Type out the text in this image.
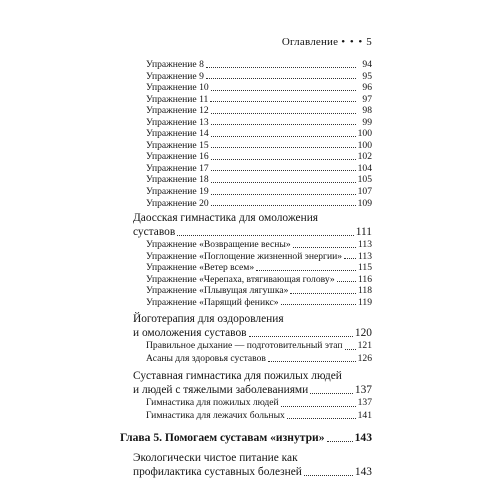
Оглавление • • • 5
Упражнение 8	94
Упражнение 9	95
Упражнение 10	96
Упражнение 11	97
Упражнение 12	98
Упражнение 13	99
Упражнение 14	100
Упражнение 15	100
Упражнение 16	102
Упражнение 17	104
Упражнение 18	105
Упражнение 19	107
Упражнение 20	109
Даосская гимнастика для омоложения
суставов	111
Упражнение «Возвращение весны»	113
Упражнение «Поглощение жизненной энергии» 113
Упражнение «Ветер всем»	115
Упражнение «Черепаха, втягивающая голову» 116
Упражнение «Плывущая лягушка»	118
Упражнение «Парящий феникс»	119
Йоготерапия для оздоровления
и омоложения суставов	120
Правильное дыхание — подготовительный этап 121
Асаны для здоровья суставов	126
Суставная гимнастика для пожилых людей
и людей с тяжелыми заболеваниями	137
Гимнастика для пожилых людей	137
Гимнастика для лежачих больных	141
Глава 5. Помогаем суставам «изнутри»	143
Экологически чистое питание как
профилактика суставных болезней	143
